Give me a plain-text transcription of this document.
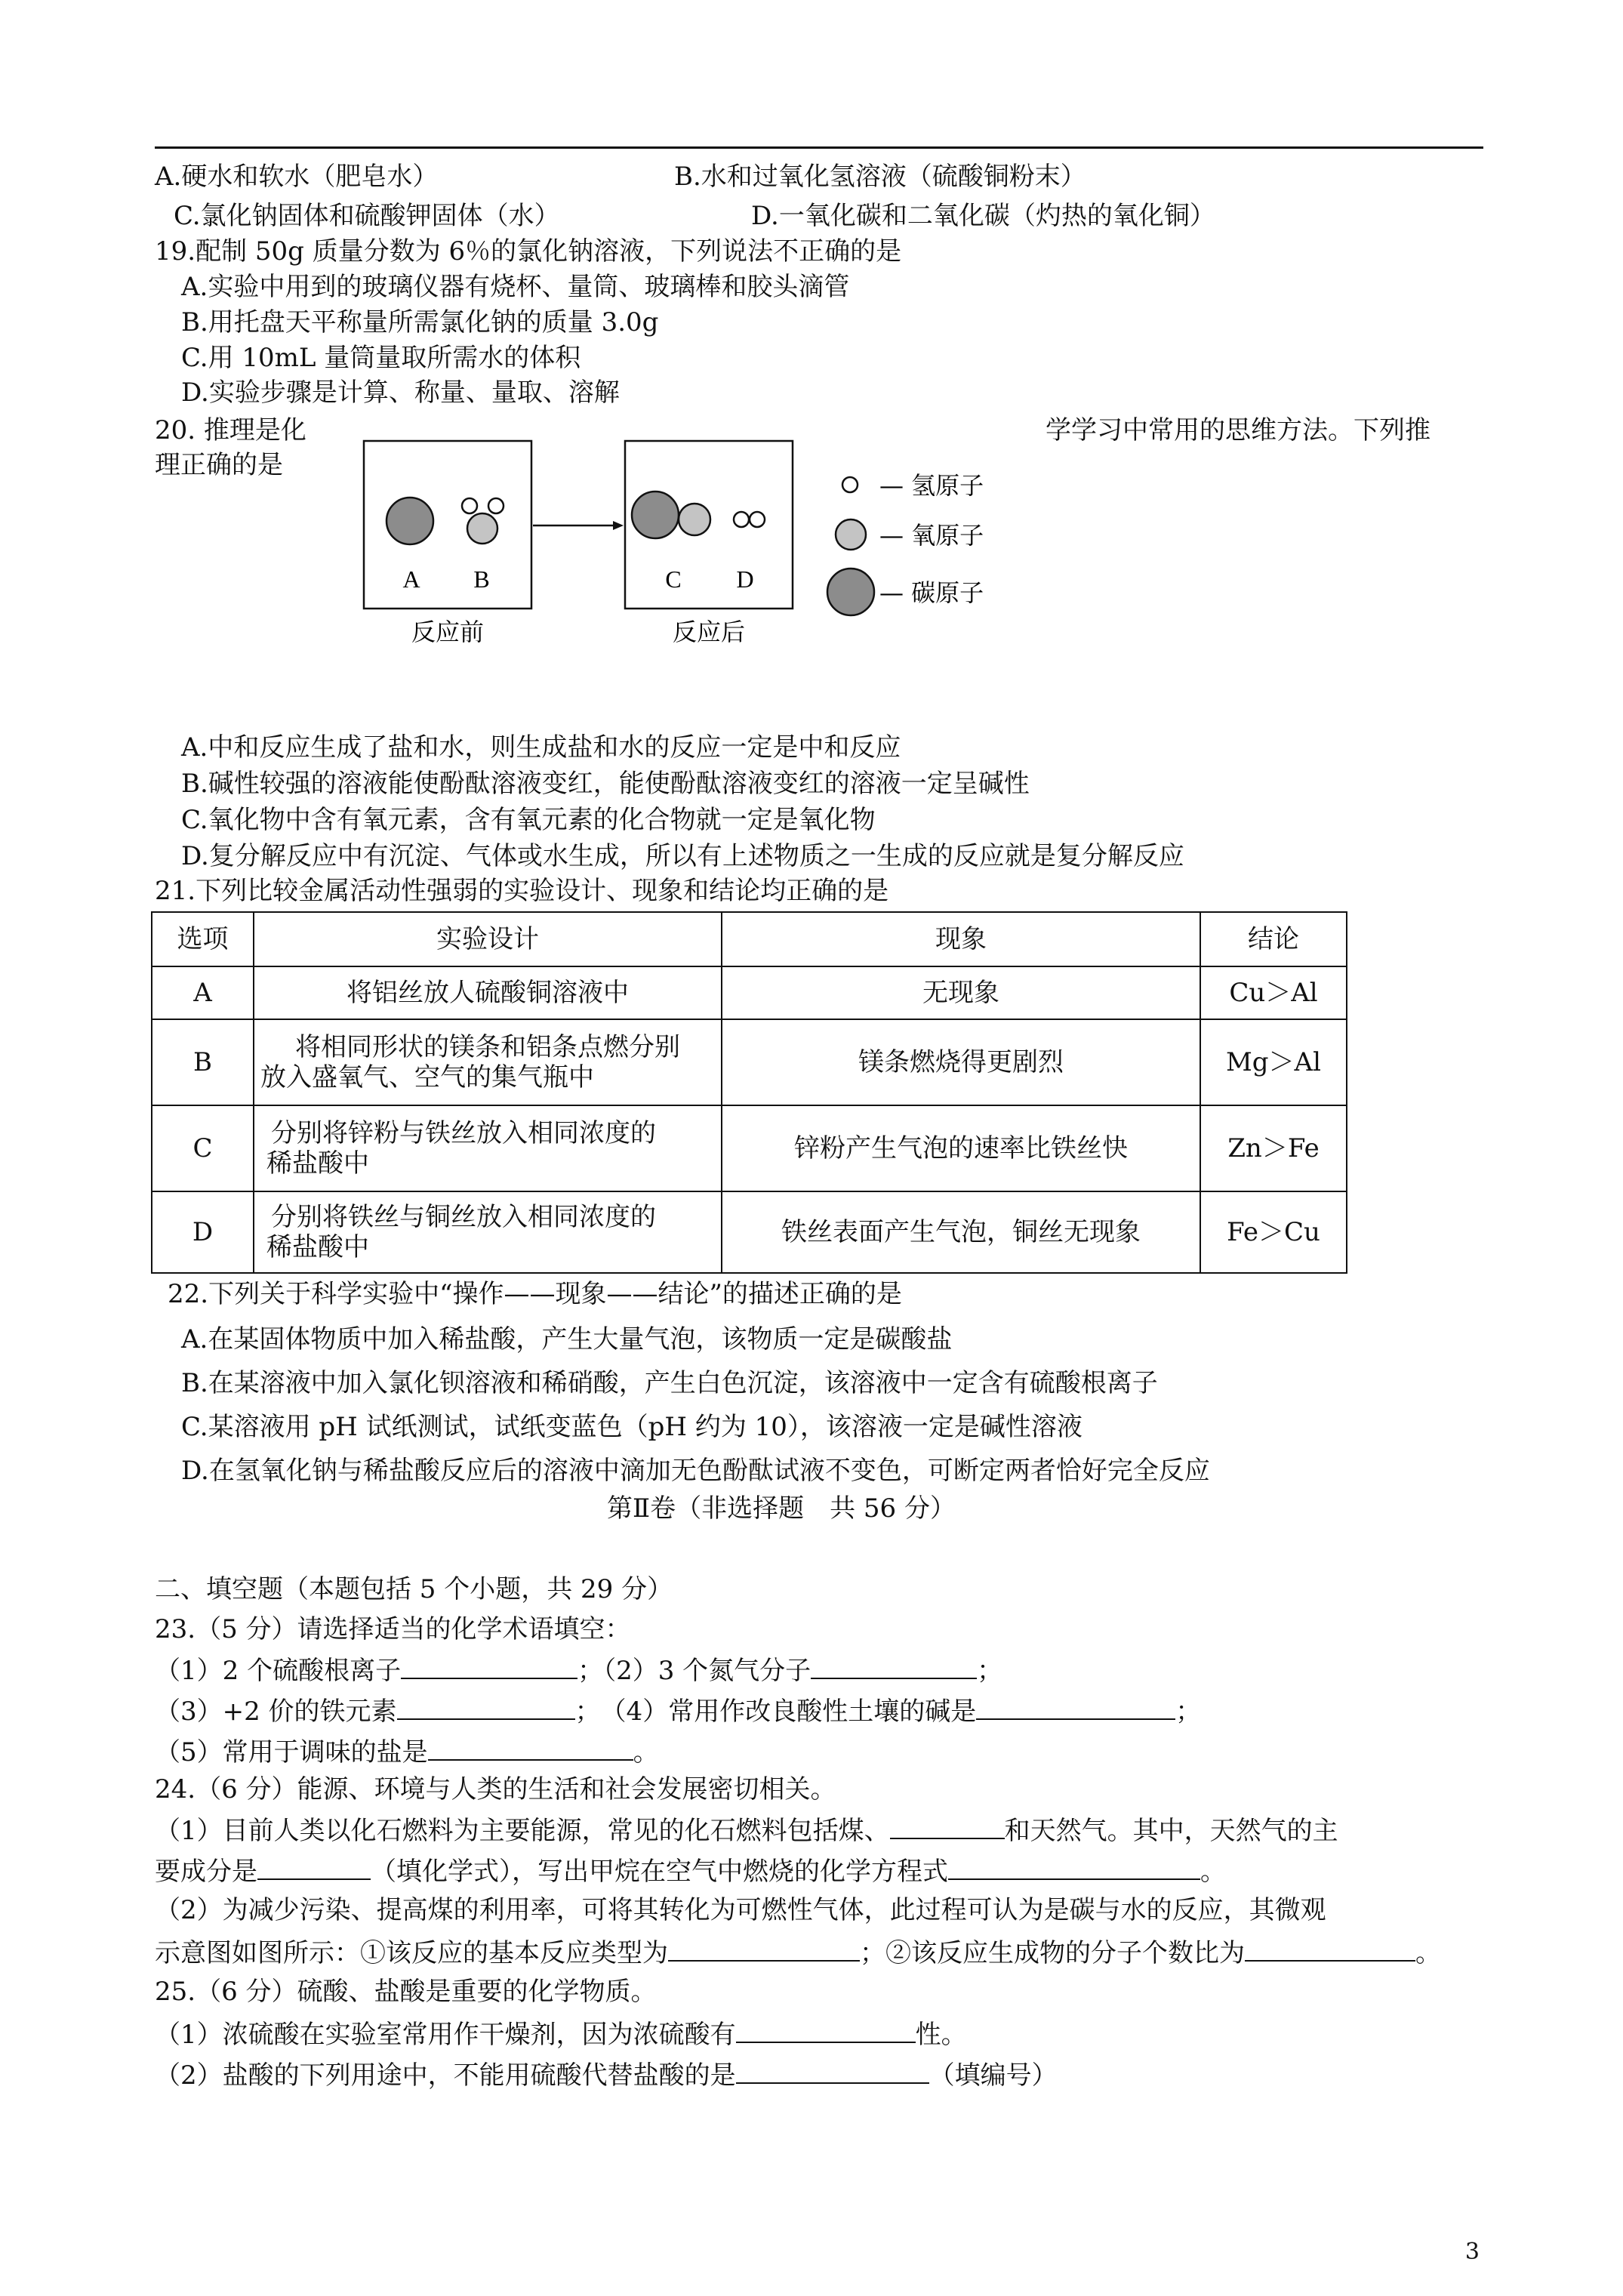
A.硬水和软水（肥皂水）	B.水和过氧化氢溶液（硫酸铜粉末）
C.氯化钠固体和硫酸钾固体（水）	D.一氧化碳和二氧化碳（灼热的氧化铜）
19.配制 50g 质量分数为 6％的氯化钠溶液，下列说法不正确的是
A.实验中用到的玻璃仪器有烧杯、量筒、玻璃棒和胶头滴管
B.用托盘天平称量所需氯化钠的质量 3.0g
C.用 10mL 量筒量取所需水的体积
D.实验步骤是计算、称量、量取、溶解
20. 推理是化	学学习中常用的思维方法。下列推
理正确的是
A B	C D
反应前	反应后
— 氢原子
— 氧原子
— 碳原子
A.中和反应生成了盐和水，则生成盐和水的反应一定是中和反应
B.碱性较强的溶液能使酚酞溶液变红，能使酚酞溶液变红的溶液一定呈碱性
C.氧化物中含有氧元素，含有氧元素的化合物就一定是氧化物
D.复分解反应中有沉淀、气体或水生成，所以有上述物质之一生成的反应就是复分解反应
21.下列比较金属活动性强弱的实验设计、现象和结论均正确的是
选项	实验设计	现象	结论
A	将铝丝放人硫酸铜溶液中	无现象	Cu＞Al
B	将相同形状的镁条和铝条点燃分别
放入盛氧气、空气的集气瓶中	镁条燃烧得更剧烈	Mg＞Al
C	分别将锌粉与铁丝放入相同浓度的
稀盐酸中	锌粉产生气泡的速率比铁丝快	Zn＞Fe
D	分别将铁丝与铜丝放入相同浓度的
稀盐酸中	铁丝表面产生气泡，铜丝无现象	Fe＞Cu
22.下列关于科学实验中“操作——现象——结论”的描述正确的是
A.在某固体物质中加入稀盐酸，产生大量气泡，该物质一定是碳酸盐
B.在某溶液中加入氯化钡溶液和稀硝酸，产生白色沉淀，该溶液中一定含有硫酸根离子
C.某溶液用 pH 试纸测试，试纸变蓝色（pH 约为 10），该溶液一定是碱性溶液
D.在氢氧化钠与稀盐酸反应后的溶液中滴加无色酚酞试液不变色，可断定两者恰好完全反应
第Ⅱ卷（非选择题　共 56 分）
二、填空题（本题包括 5 个小题，共 29 分）
23.（5 分）请选择适当的化学术语填空：
（1）2 个硫酸根离子	；（2）3 个氮气分子	；
（3）+2 价的铁元素	；　（4）常用作改良酸性土壤的碱是	；
（5）常用于调味的盐是	。
24.（6 分）能源、环境与人类的生活和社会发展密切相关。
（1）目前人类以化石燃料为主要能源，常见的化石燃料包括煤、	和天然气。其中，天然气的主
要成分是	（填化学式），写出甲烷在空气中燃烧的化学方程式	。
（2）为减少污染、提高煤的利用率，可将其转化为可燃性气体，此过程可认为是碳与水的反应，其微观
示意图如图所示：①该反应的基本反应类型为	；②该反应生成物的分子个数比为	。
25.（6 分）硫酸、盐酸是重要的化学物质。
（1）浓硫酸在实验室常用作干燥剂，因为浓硫酸有	性。
（2）盐酸的下列用途中，不能用硫酸代替盐酸的是	（填编号）
3
